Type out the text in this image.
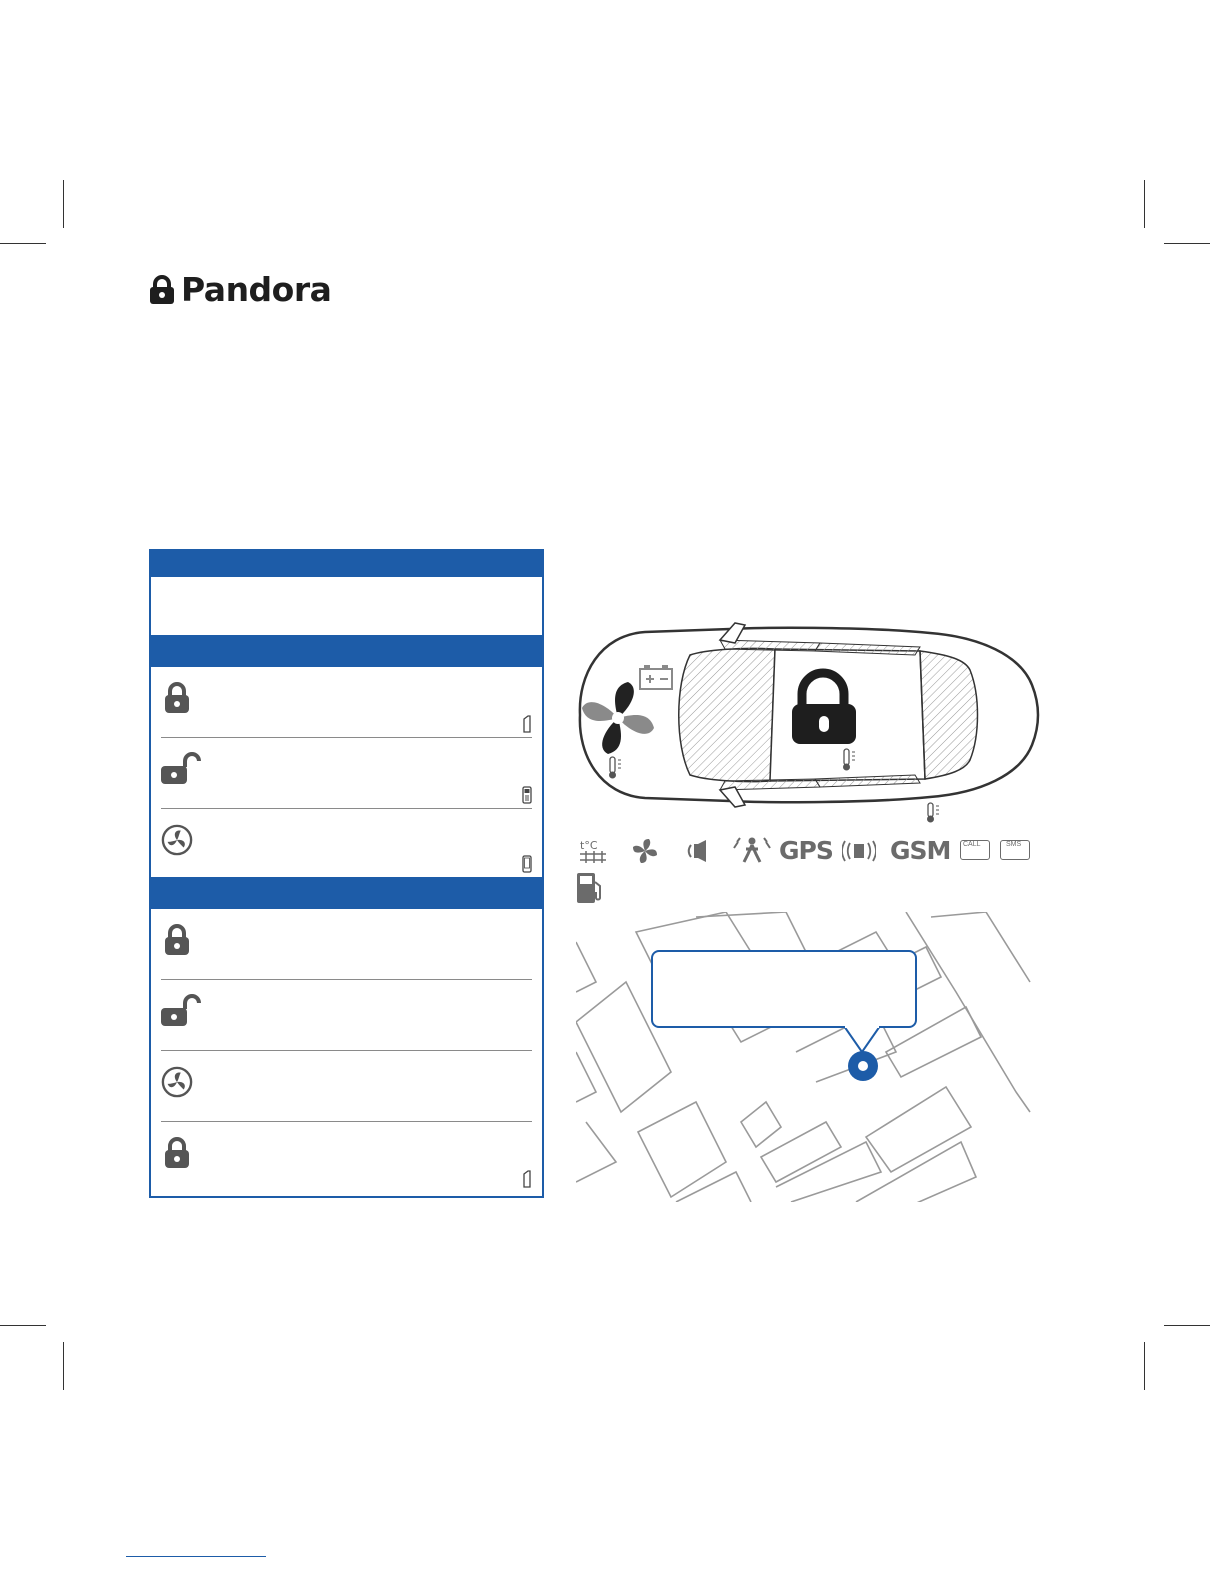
Pandora
t°C	GPS GSM CALL	SMS
